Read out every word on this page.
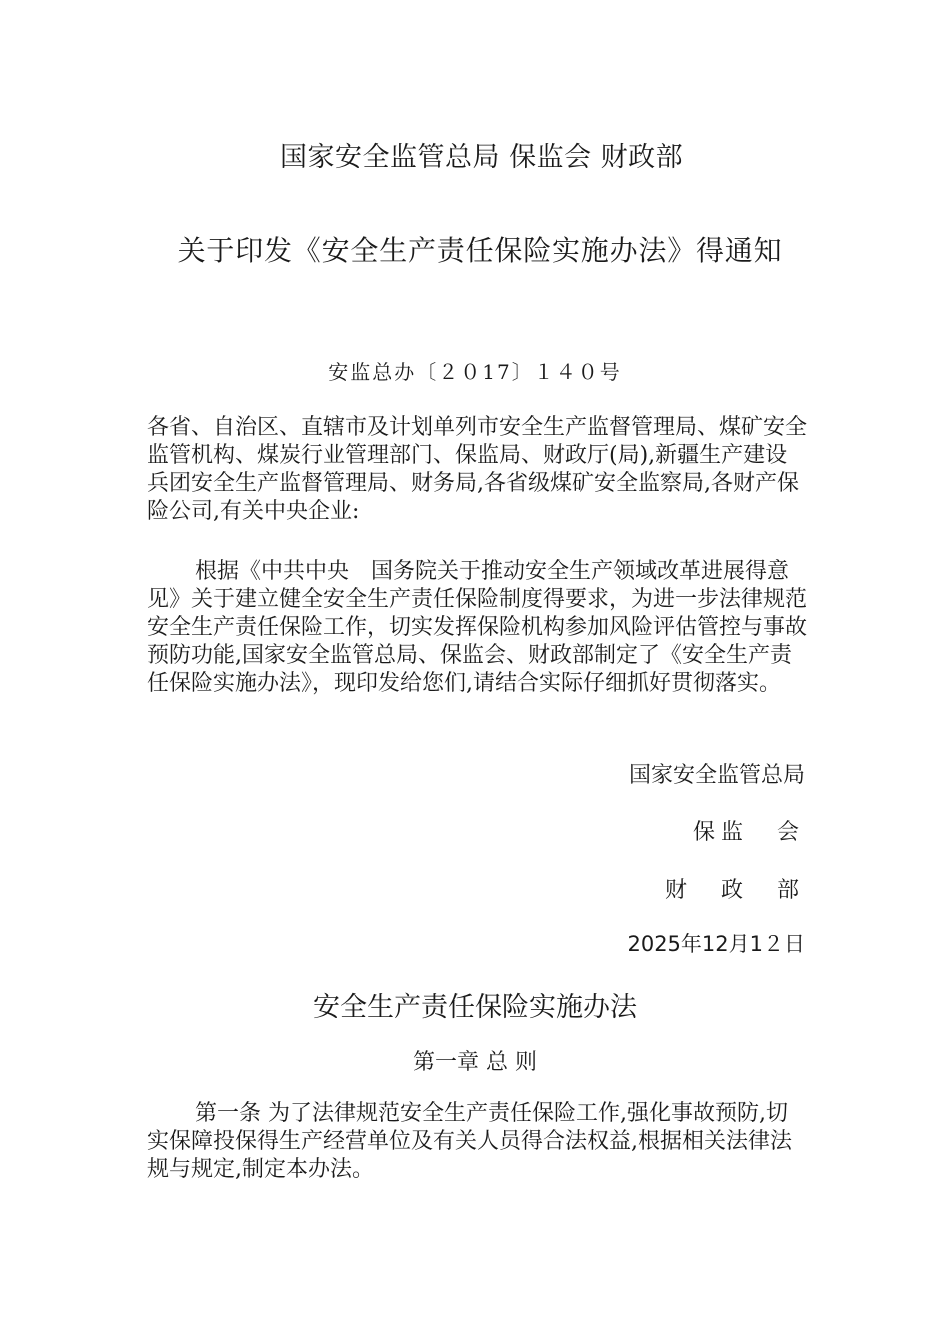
国家安全监管总局 保监会 财政部
关于印发《安全生产责任保险实施办法》得通知
安监总办〔２０17〕１４０号
各省、自治区、直辖市及计划单列市安全生产监督管理局、煤矿安全监管机构、煤炭行业管理部门、保监局、财政厅(局),新疆生产建设兵团安全生产监督管理局、财务局,各省级煤矿安全监察局,各财产保险公司,有关中央企业:
根据《中共中央　国务院关于推动安全生产领域改革进展得意见》关于建立健全安全生产责任保险制度得要求，为进一步法律规范安全生产责任保险工作，切实发挥保险机构参加风险评估管控与事故预防功能,国家安全监管总局、保监会、财政部制定了《安全生产责任保险实施办法》，现印发给您们,请结合实际仔细抓好贯彻落实。
国家安全监管总局
保监　会
财　政　部
2025年12月1２日
安全生产责任保险实施办法
第一章 总 则
第一条 为了法律规范安全生产责任保险工作,强化事故预防,切实保障投保得生产经营单位及有关人员得合法权益,根据相关法律法规与规定,制定本办法。
